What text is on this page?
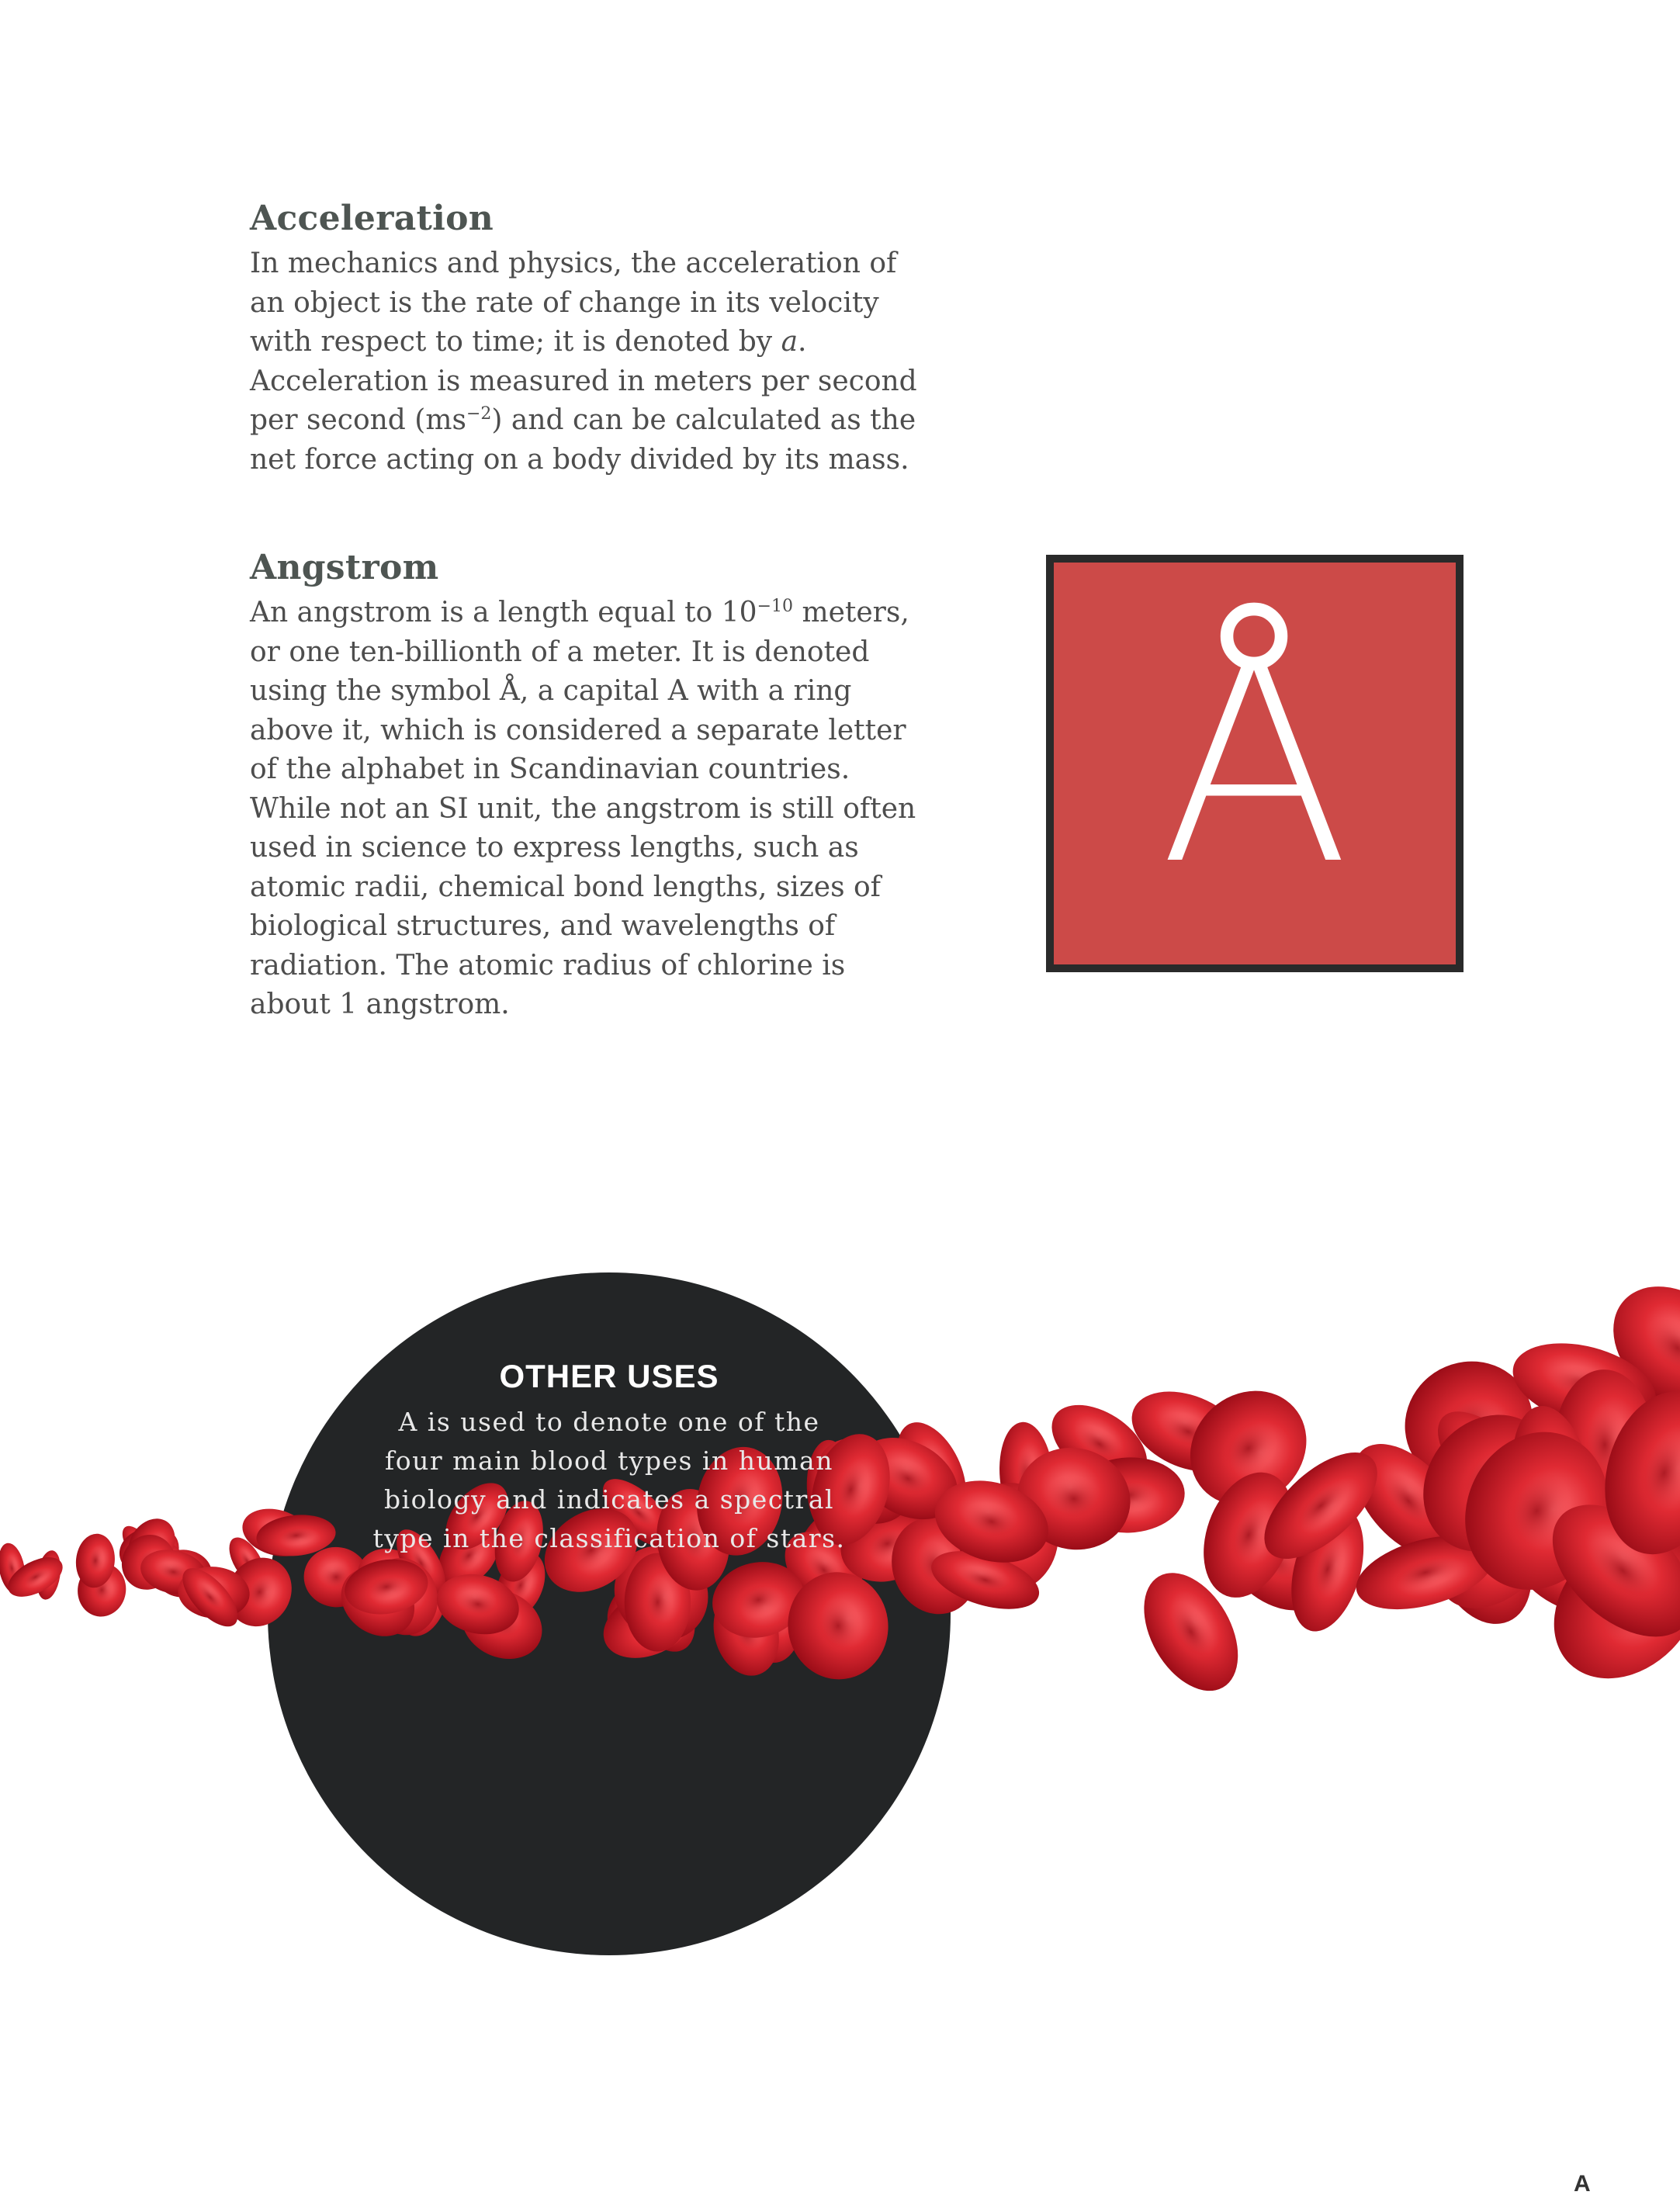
Acceleration

In mechanics and physics, the acceleration of an object is the rate of change in its velocity with respect to time; it is denoted by a. Acceleration is measured in meters per second per second $(ms^{-2})$ and can be calculated as the net force acting on a body divided by its mass.

Angstrom

An angstrom is a length equal to $10^{-10}$ meters, or one ten-billionth of a meter. It is denoted using the symbol Å, a capital A with a ring above it, which is considered a separate letter of the alphabet in Scandinavian countries. While not an SI unit, the angstrom is still often used in science to express lengths, such as atomic radii, chemical bond lengths, sizes of biological structures, and wavelengths of radiation. The atomic radius of chlorine is about 1 angstrom.

Å
OTHER USES

A is used to denote one of the four main blood types in human biology and indicates a spectral type in the classification of stars.

A
